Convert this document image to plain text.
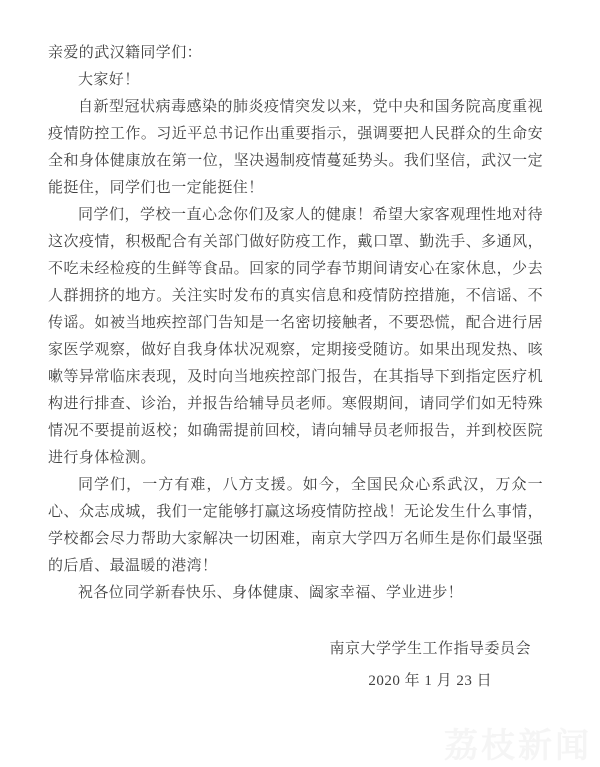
亲爱的武汉籍同学们：

大家好！

自新型冠状病毒感染的肺炎疫情突发以来，党中央和国务院高度重视疫情防控工作。习近平总书记作出重要指示，强调要把人民群众的生命安全和身体健康放在第一位，坚决遏制疫情蔓延势头。我们坚信，武汉一定能挺住，同学们也一定能挺住！

同学们，学校一直心念你们及家人的健康！希望大家客观理性地对待这次疫情，积极配合有关部门做好防疫工作，戴口罩、勤洗手、多通风，不吃未经检疫的生鲜等食品。回家的同学春节期间请安心在家休息，少去人群拥挤的地方。关注实时发布的真实信息和疫情防控措施，不信谣、不传谣。如被当地疾控部门告知是一名密切接触者，不要恐慌，配合进行居家医学观察，做好自我身体状况观察，定期接受随访。如果出现发热、咳嗽等异常临床表现，及时向当地疾控部门报告，在其指导下到指定医疗机构进行排查、诊治，并报告给辅导员老师。寒假期间，请同学们如无特殊情况不要提前返校；如确需提前回校，请向辅导员老师报告，并到校医院进行身体检测。

同学们，一方有难，八方支援。如今，全国民众心系武汉，万众一心、众志成城，我们一定能够打赢这场疫情防控战！无论发生什么事情，学校都会尽力帮助大家解决一切困难，南京大学四万名师生是你们最坚强的后盾、最温暖的港湾！

祝各位同学新春快乐、身体健康、阖家幸福、学业进步！

南京大学学生工作指导委员会

2020 年 1 月 23 日

荔枝新闻
